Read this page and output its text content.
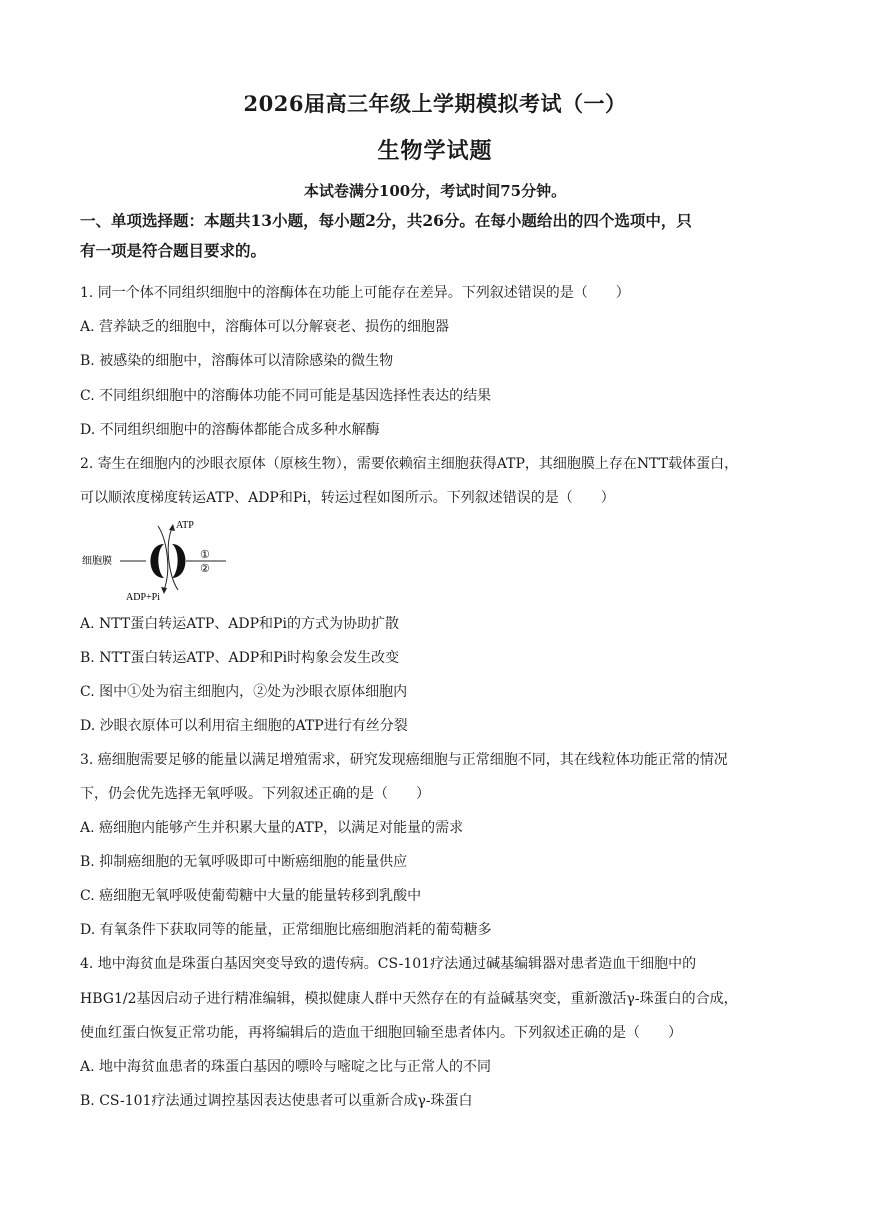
2026届高三年级上学期模拟考试（一）
生物学试题
本试卷满分100分，考试时间75分钟。
一、单项选择题：本题共13小题，每小题2分，共26分。在每小题给出的四个选项中，只
有一项是符合题目要求的。
1. 同一个体不同组织细胞中的溶酶体在功能上可能存在差异。下列叙述错误的是（　　）
A. 营养缺乏的细胞中，溶酶体可以分解衰老、损伤的细胞器
B. 被感染的细胞中，溶酶体可以清除感染的微生物
C. 不同组织细胞中的溶酶体功能不同可能是基因选择性表达的结果
D. 不同组织细胞中的溶酶体都能合成多种水解酶
2. 寄生在细胞内的沙眼衣原体（原核生物），需要依赖宿主细胞获得ATP，其细胞膜上存在NTT载体蛋白，
可以顺浓度梯度转运ATP、ADP和Pi，转运过程如图所示。下列叙述错误的是（　　）
ATP
细胞膜
①
②
ADP+Pi
A. NTT蛋白转运ATP、ADP和Pi的方式为协助扩散
B. NTT蛋白转运ATP、ADP和Pi时构象会发生改变
C. 图中①处为宿主细胞内，②处为沙眼衣原体细胞内
D. 沙眼衣原体可以利用宿主细胞的ATP进行有丝分裂
3. 癌细胞需要足够的能量以满足增殖需求，研究发现癌细胞与正常细胞不同，其在线粒体功能正常的情况
下，仍会优先选择无氧呼吸。下列叙述正确的是（　　）
A. 癌细胞内能够产生并积累大量的ATP，以满足对能量的需求
B. 抑制癌细胞的无氧呼吸即可中断癌细胞的能量供应
C. 癌细胞无氧呼吸使葡萄糖中大量的能量转移到乳酸中
D. 有氧条件下获取同等的能量，正常细胞比癌细胞消耗的葡萄糖多
4. 地中海贫血是珠蛋白基因突变导致的遗传病。CS-101疗法通过碱基编辑器对患者造血干细胞中的
HBG1/2基因启动子进行精准编辑，模拟健康人群中天然存在的有益碱基突变，重新激活γ-珠蛋白的合成，
使血红蛋白恢复正常功能，再将编辑后的造血干细胞回输至患者体内。下列叙述正确的是（　　）
A. 地中海贫血患者的珠蛋白基因的嘌呤与嘧啶之比与正常人的不同
B. CS-101疗法通过调控基因表达使患者可以重新合成γ-珠蛋白
